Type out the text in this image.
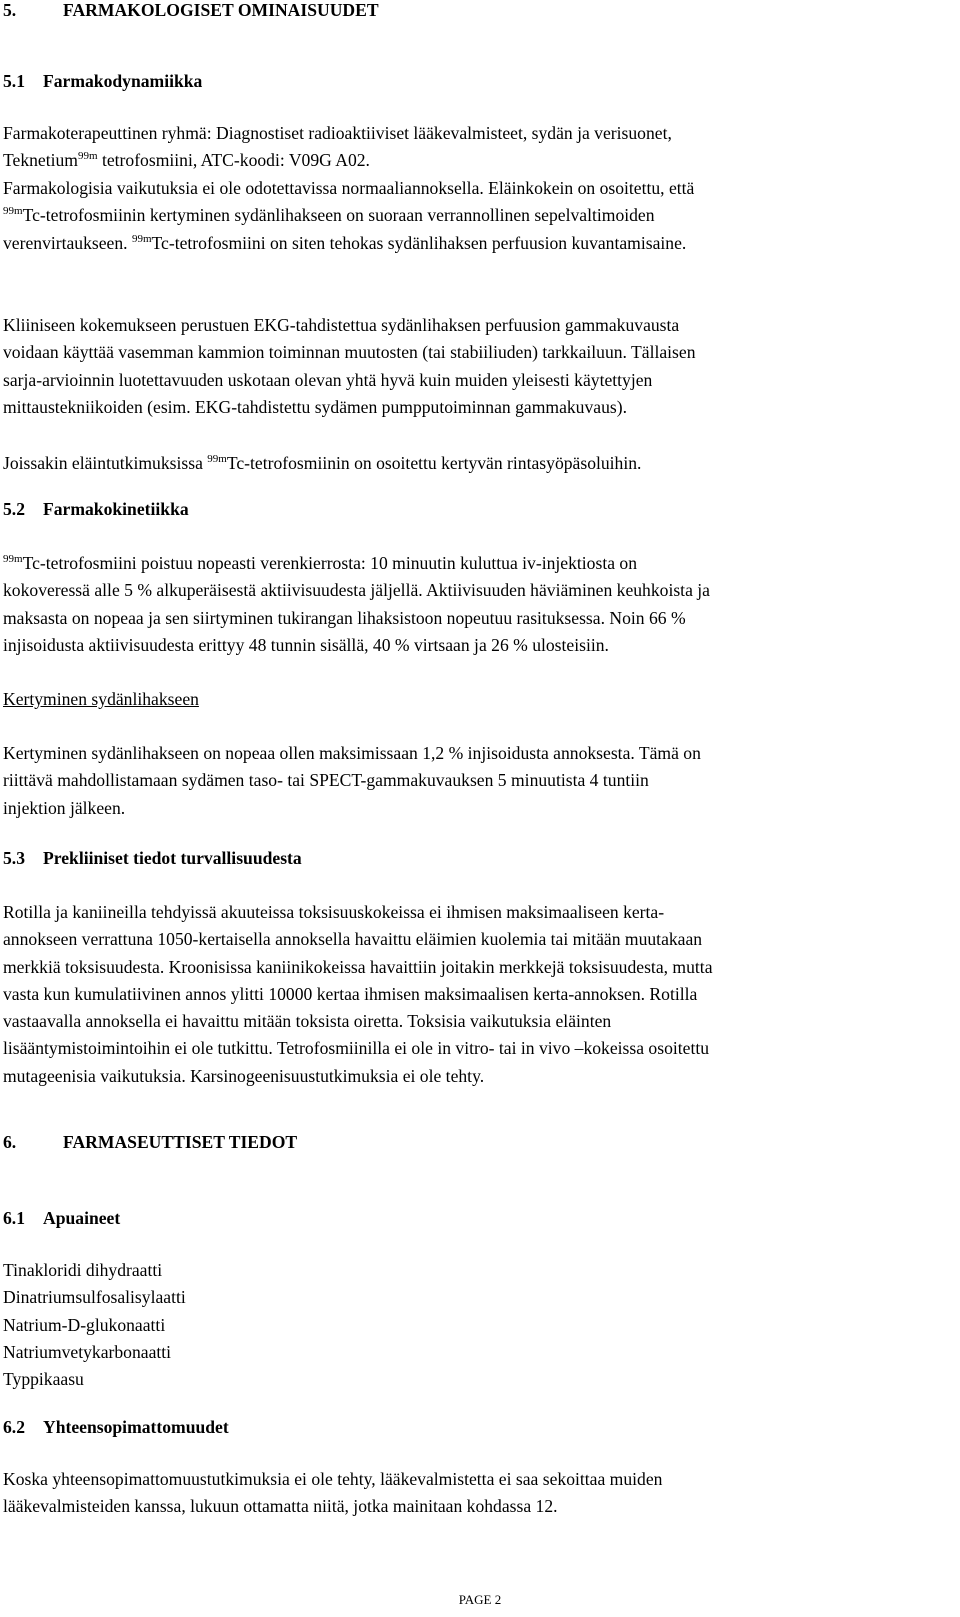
5.	FARMAKOLOGISET OMINAISUUDET
5.1 Farmakodynamiikka
Farmakoterapeuttinen ryhmä: Diagnostiset radioaktiiviset lääkevalmisteet, sydän ja verisuonet,
Teknetium$^{99m}$ tetrofosmiini, ATC-koodi: V09G A02.
Farmakologisia vaikutuksia ei ole odotettavissa normaaliannoksella. Eläinkokein on osoitettu, että
$^{99m}$Tc-tetrofosmiinin kertyminen sydänlihakseen on suoraan verrannollinen sepelvaltimoiden
verenvirtaukseen. $^{99m}$Tc-tetrofosmiini on siten tehokas sydänlihaksen perfuusion kuvantamisaine.
Kliiniseen kokemukseen perustuen EKG-tahdistettua sydänlihaksen perfuusion gammakuvausta
voidaan käyttää vasemman kammion toiminnan muutosten (tai stabiiliuden) tarkkailuun. Tällaisen
sarja-arvioinnin luotettavuuden uskotaan olevan yhtä hyvä kuin muiden yleisesti käytettyjen
mittaustekniikoiden (esim. EKG-tahdistettu sydämen pumpputoiminnan gammakuvaus).
Joissakin eläintutkimuksissa $^{99m}$Tc-tetrofosmiinin on osoitettu kertyvän rintasyöpäsoluihin.
5.2 Farmakokinetiikka
$^{99m}$Tc-tetrofosmiini poistuu nopeasti verenkierrosta: 10 minuutin kuluttua iv-injektiosta on
kokoveressä alle 5 % alkuperäisestä aktiivisuudesta jäljellä. Aktiivisuuden häviäminen keuhkoista ja
maksasta on nopeaa ja sen siirtyminen tukirangan lihaksistoon nopeutuu rasituksessa. Noin 66 %
injisoidusta aktiivisuudesta erittyy 48 tunnin sisällä, 40 % virtsaan ja 26 % ulosteisiin.
Kertyminen sydänlihakseen
Kertyminen sydänlihakseen on nopeaa ollen maksimissaan 1,2 % injisoidusta annoksesta. Tämä on
riittävä mahdollistamaan sydämen taso- tai SPECT-gammakuvauksen 5 minuutista 4 tuntiin
injektion jälkeen.
5.3 Prekliiniset tiedot turvallisuudesta
Rotilla ja kaniineilla tehdyissä akuuteissa toksisuuskokeissa ei ihmisen maksimaaliseen kerta-
annokseen verrattuna 1050-kertaisella annoksella havaittu eläimien kuolemia tai mitään muutakaan
merkkiä toksisuudesta. Kroonisissa kaniinikokeissa havaittiin joitakin merkkejä toksisuudesta, mutta
vasta kun kumulatiivinen annos ylitti 10000 kertaa ihmisen maksimaalisen kerta-annoksen. Rotilla
vastaavalla annoksella ei havaittu mitään toksista oiretta. Toksisia vaikutuksia eläinten
lisääntymistoimintoihin ei ole tutkittu. Tetrofosmiinilla ei ole in vitro- tai in vivo –kokeissa osoitettu
mutageenisia vaikutuksia. Karsinogeenisuustutkimuksia ei ole tehty.
6.	FARMASEUTTISET TIEDOT
6.1 Apuaineet
Tinakloridi dihydraatti
Dinatriumsulfosalisylaatti
Natrium-D-glukonaatti
Natriumvetykarbonaatti
Typpikaasu
6.2 Yhteensopimattomuudet
Koska yhteensopimattomuustutkimuksia ei ole tehty, lääkevalmistetta ei saa sekoittaa muiden
lääkevalmisteiden kanssa, lukuun ottamatta niitä, jotka mainitaan kohdassa 12.
PAGE 2
